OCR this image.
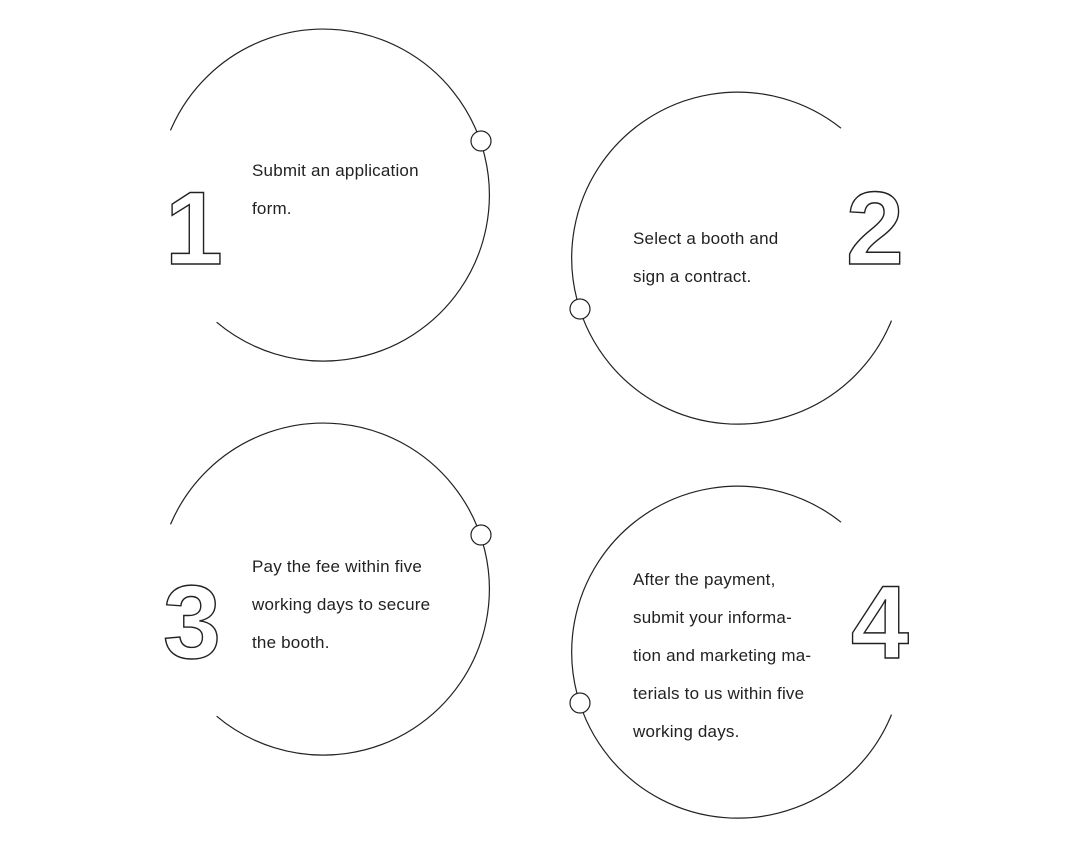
1	2
3	4
Submit an application
form.
Select a booth and
sign a contract.
Pay the fee within five
working days to secure
the booth.
After the payment,
submit your informa-
tion and marketing ma-
terials to us within five
working days.
